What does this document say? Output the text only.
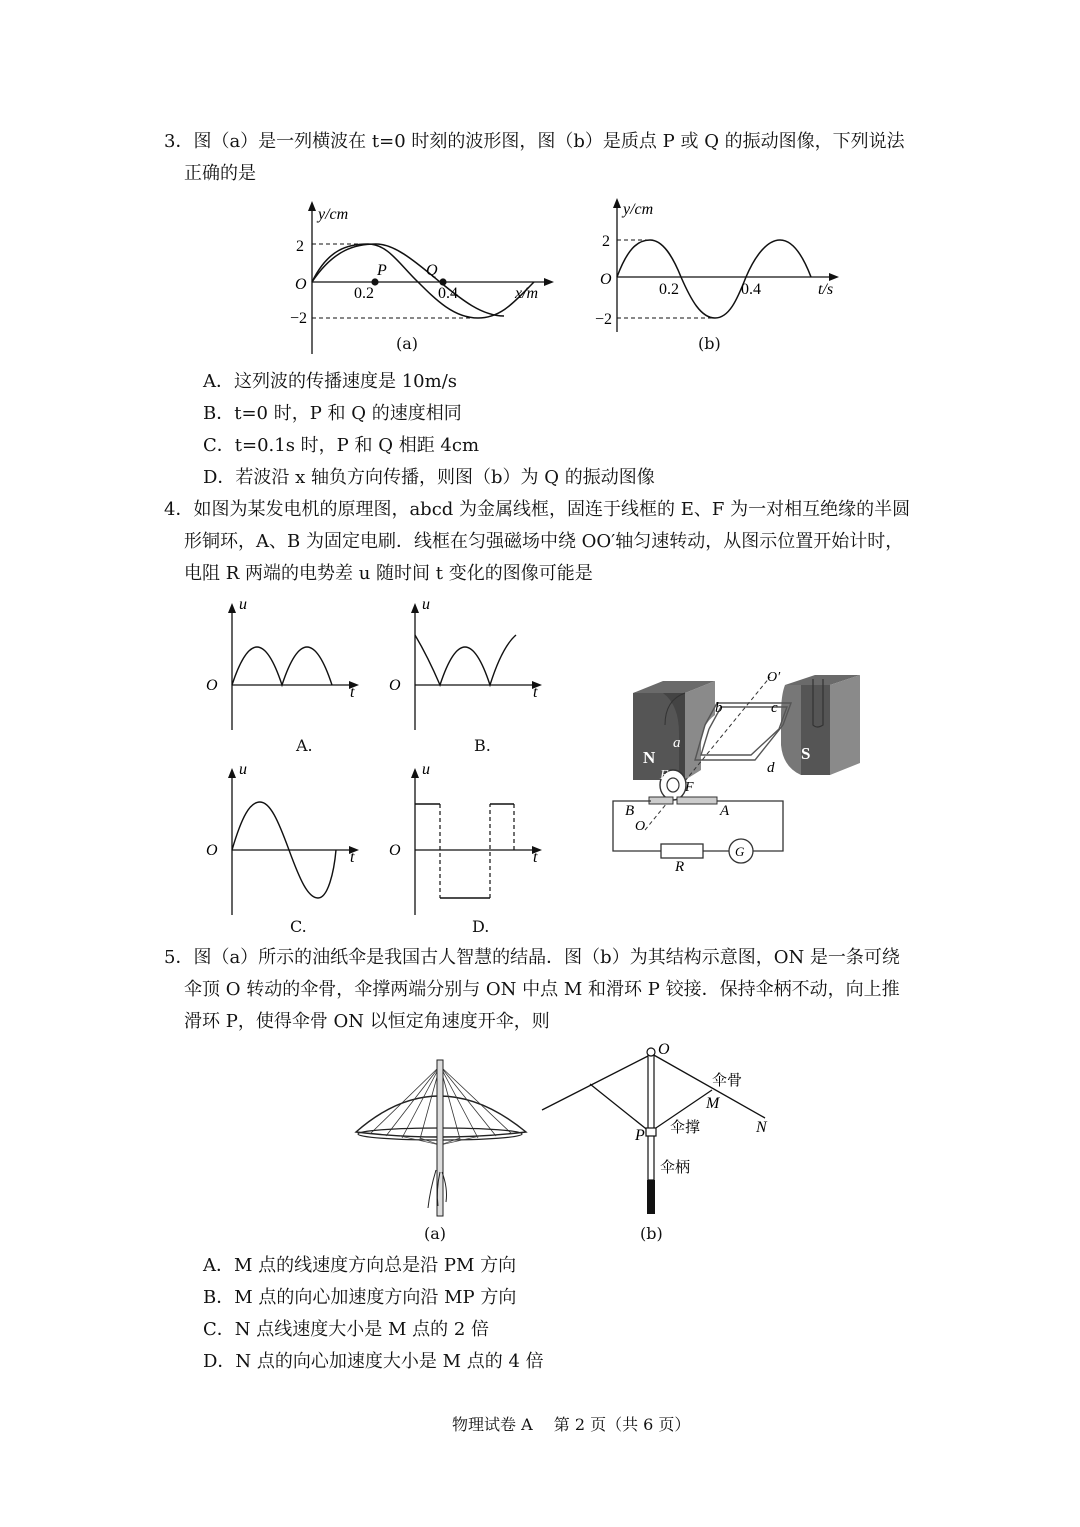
3．图（a）是一列横波在 t=0 时刻的波形图，图（b）是质点 P 或 Q 的振动图像，下列说法
正确的是
y/cm
2
−2
O
0.2	0.4
P Q
x/m
(a)
y/cm
2
−2
O
0.2	0.4	t/s
(b)
A．这列波的传播速度是 10m/s
B．t=0 时，P 和 Q 的速度相同
C．t=0.1s 时，P 和 Q 相距 4cm
D．若波沿 x 轴负方向传播，则图（b）为 Q 的振动图像
4．如图为某发电机的原理图，abcd 为金属线框，固连于线框的 E、F 为一对相互绝缘的半圆
形铜环，A、B 为固定电刷．线框在匀强磁场中绕 OO′轴匀速转动，从图示位置开始计时，
电阻 R 两端的电势差 u 随时间 t 变化的图像可能是
u
O	t
A.
u
O	t
B.
u
O	t
C.
u
O	t
D.
N	S
a
b	c
d
E
F
B	A
O
O′
R
G
5．图（a）所示的油纸伞是我国古人智慧的结晶．图（b）为其结构示意图，ON 是一条可绕
伞顶 O 转动的伞骨，伞撑两端分别与 ON 中点 M 和滑环 P 铰接．保持伞柄不动，向上推
滑环 P，使得伞骨 ON 以恒定角速度开伞，则
(a)
O
M
N
P
伞骨
伞撑
伞柄
(b)
A．M 点的线速度方向总是沿 PM 方向
B．M 点的向心加速度方向沿 MP 方向
C．N 点线速度大小是 M 点的 2 倍
D．N 点的向心加速度大小是 M 点的 4 倍
物理试卷 A　 第 2 页（共 6 页）
